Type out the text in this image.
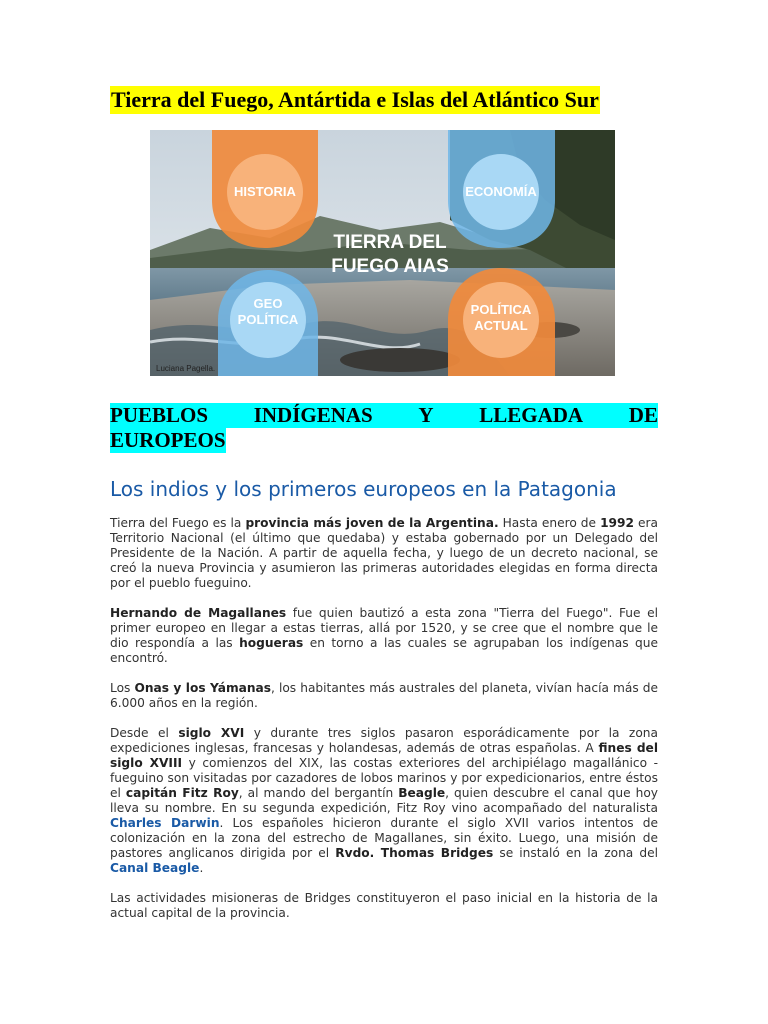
Tierra del Fuego, Antártida e Islas del Atlántico Sur
HISTORIA	ECONOMÍA
GEO
POLÍTICA
POLÍTICA
ACTUAL
TIERRA DEL
FUEGO AIAS
Luciana Pagella.
PUEBLOS INDÍGENAS Y LLEGADA DE
EUROPEOS
Los indios y los primeros europeos en la Patagonia

Tierra del Fuego es la provincia más joven de la Argentina. Hasta enero de 1992 era Territorio Nacional (el último que quedaba) y estaba gobernado por un Delegado del Presidente de la Nación. A partir de aquella fecha, y luego de un decreto nacional, se creó la nueva Provincia y asumieron las primeras autoridades elegidas en forma directa por el pueblo fueguino.

Hernando de Magallanes fue quien bautizó a esta zona "Tierra del Fuego". Fue el primer europeo en llegar a estas tierras, allá por 1520, y se cree que el nombre que le dio respondía a las hogueras en torno a las cuales se agrupaban los indígenas que encontró.

Los Onas y los Yámanas, los habitantes más australes del planeta, vivían hacía más de 6.000 años en la región.

Desde el siglo XVI y durante tres siglos pasaron esporádicamente por la zona expediciones inglesas, francesas y holandesas, además de otras españolas. A fines del siglo XVIII y comienzos del XIX, las costas exteriores del archipiélago magallánico - fueguino son visitadas por cazadores de lobos marinos y por expedicionarios, entre éstos el capitán Fitz Roy, al mando del bergantín Beagle, quien descubre el canal que hoy lleva su nombre. En su segunda expedición, Fitz Roy vino acompañado del naturalista Charles Darwin. Los españoles hicieron durante el siglo XVII varios intentos de colonización en la zona del estrecho de Magallanes, sin éxito. Luego, una misión de pastores anglicanos dirigida por el Rvdo. Thomas Bridges se instaló en la zona del Canal Beagle.

Las actividades misioneras de Bridges constituyeron el paso inicial en la historia de la actual capital de la provincia.
